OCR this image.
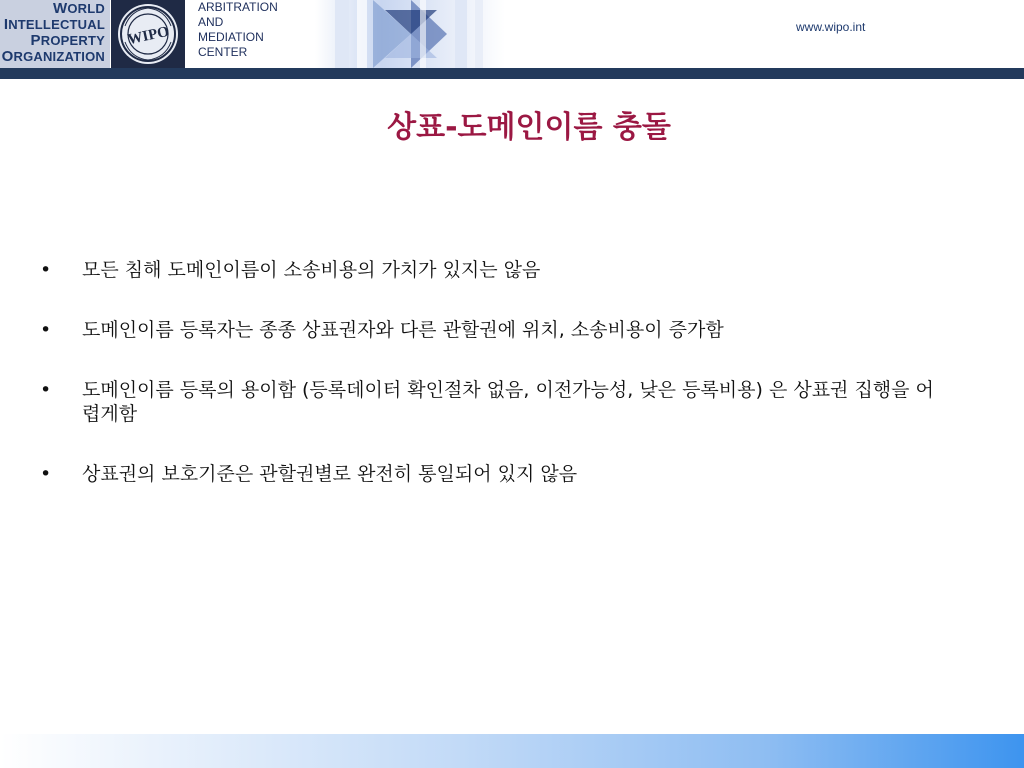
WORLD
INTELLECTUAL
PROPERTY
ORGANIZATION
WIPO
ARBITRATION
AND
MEDIATION
CENTER
www.wipo.int
상표-도메인이름 충돌
• 모든 침해 도메인이름이 소송비용의 가치가 있지는 않음
• 도메인이름 등록자는 종종 상표권자와 다른 관할권에 위치, 소송비용이 증가함
• 도메인이름 등록의 용이함 (등록데이터 확인절차 없음, 이전가능성, 낮은 등록비용) 은 상표권 집행을 어렵게함
• 상표권의 보호기준은 관할권별로 완전히 통일되어 있지 않음
